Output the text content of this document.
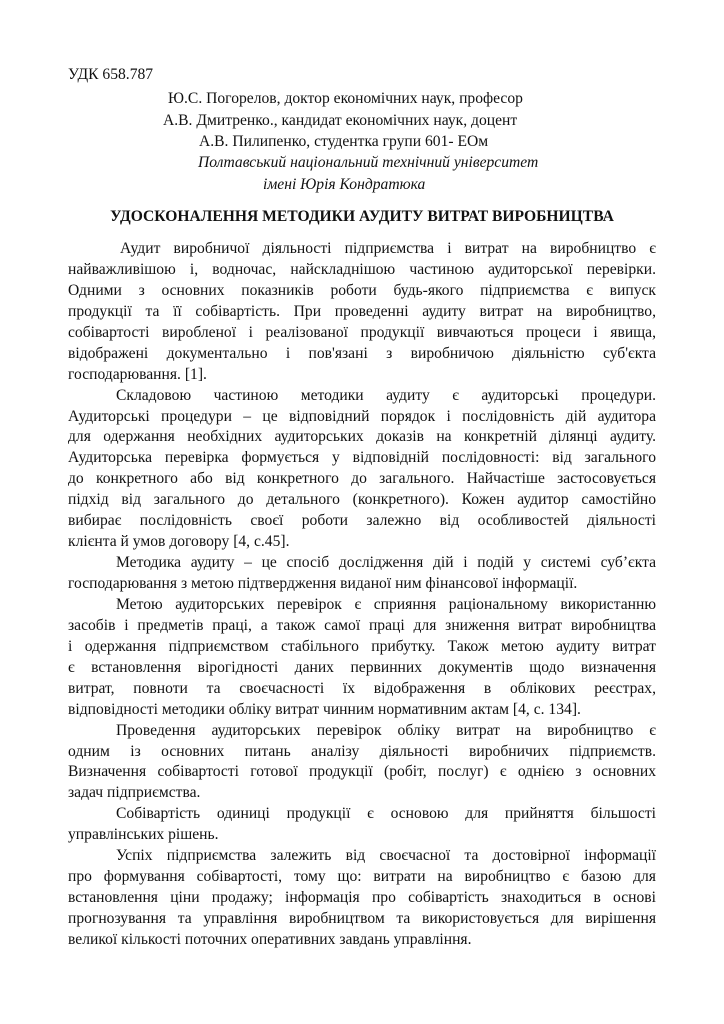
УДК 658.787
Ю.С. Погорелов, доктор економічних наук, професор
А.В. Дмитренко., кандидат економічних наук, доцент
А.В. Пилипенко, студентка групи 601- ЕОм
Полтавський національний технічний університет
імені Юрія Кондратюка
УДОСКОНАЛЕННЯ МЕТОДИКИ АУДИТУ ВИТРАТ ВИРОБНИЦТВА
Аудит виробничої діяльності підприємства і витрат на виробництво є
найважливішою і, водночас, найскладнішою частиною аудиторської перевірки.
Одними з основних показників роботи будь-якого підприємства є випуск
продукції та її собівартість. При проведенні аудиту витрат на виробництво,
собівартості виробленої і реалізованої продукції вивчаються процеси і явища,
відображені документально і пов'язані з виробничою діяльністю суб'єкта
господарювання. [1].
Складовою частиною методики аудиту є аудиторські процедури.
Аудиторські процедури – це відповідний порядок і послідовність дій аудитора
для одержання необхідних аудиторських доказів на конкретній ділянці аудиту.
Аудиторська перевірка формується у відповідній послідовності: від загального
до конкретного або від конкретного до загального. Найчастіше застосовується
підхід від загального до детального (конкретного). Кожен аудитор самостійно
вибирає послідовність своєї роботи залежно від особливостей діяльності
клієнта й умов договору [4, с.45].
Методика аудиту – це спосіб дослідження дій і подій у системі суб’єкта
господарювання з метою підтвердження виданої ним фінансової інформації.
Метою аудиторських перевірок є сприяння раціональному використанню
засобів і предметів праці, а також самої праці для зниження витрат виробництва
і одержання підприємством стабільного прибутку. Також метою аудиту витрат
є встановлення вірогідності даних первинних документів щодо визначення
витрат, повноти та своєчасності їх відображення в облікових реєстрах,
відповідності методики обліку витрат чинним нормативним актам [4, с. 134].
Проведення аудиторських перевірок обліку витрат на виробництво є
одним із основних питань аналізу діяльності виробничих підприємств.
Визначення собівартості готової продукції (робіт, послуг) є однією з основних
задач підприємства.
Собівартість одиниці продукції є основою для прийняття більшості
управлінських рішень.
Успіх підприємства залежить від своєчасної та достовірної інформації
про формування собівартості, тому що: витрати на виробництво є базою для
встановлення ціни продажу; інформація про собівартість знаходиться в основі
прогнозування та управління виробництвом та використовується для вирішення
великої кількості поточних оперативних завдань управління.
